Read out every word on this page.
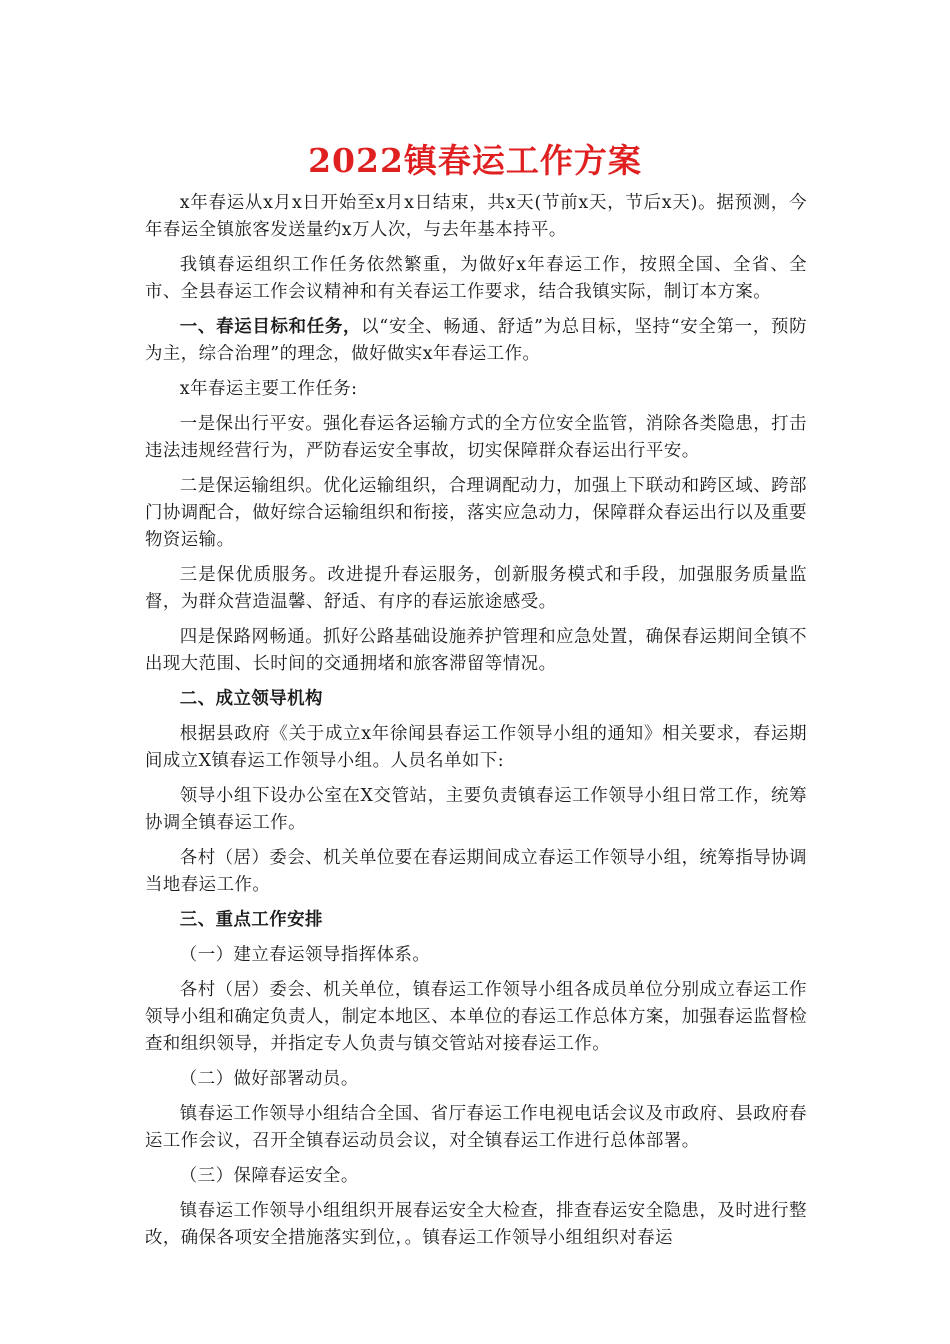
2022镇春运工作方案

x年春运从x月x日开始至x月x日结束，共x天(节前x天，节后x天)。据预测，今年春运全镇旅客发送量约x万人次，与去年基本持平。

我镇春运组织工作任务依然繁重，为做好x年春运工作，按照全国、全省、全市、全县春运工作会议精神和有关春运工作要求，结合我镇实际，制订本方案。

一、春运目标和任务，以“安全、畅通、舒适”为总目标，坚持“安全第一，预防为主，综合治理”的理念，做好做实x年春运工作。

x年春运主要工作任务:

一是保出行平安。强化春运各运输方式的全方位安全监管，消除各类隐患，打击违法违规经营行为，严防春运安全事故，切实保障群众春运出行平安。

二是保运输组织。优化运输组织，合理调配动力，加强上下联动和跨区域、跨部门协调配合，做好综合运输组织和衔接，落实应急动力，保障群众春运出行以及重要物资运输。

三是保优质服务。改进提升春运服务，创新服务模式和手段，加强服务质量监督，为群众营造温馨、舒适、有序的春运旅途感受。

四是保路网畅通。抓好公路基础设施养护管理和应急处置，确保春运期间全镇不出现大范围、长时间的交通拥堵和旅客滞留等情况。

二、成立领导机构

根据县政府《关于成立x年徐闻县春运工作领导小组的通知》相关要求，春运期间成立X镇春运工作领导小组。人员名单如下:

领导小组下设办公室在X交管站，主要负责镇春运工作领导小组日常工作，统筹协调全镇春运工作。

各村（居）委会、机关单位要在春运期间成立春运工作领导小组，统筹指导协调当地春运工作。

三、重点工作安排

（一）建立春运领导指挥体系。

各村（居）委会、机关单位，镇春运工作领导小组各成员单位分别成立春运工作领导小组和确定负责人，制定本地区、本单位的春运工作总体方案，加强春运监督检查和组织领导，并指定专人负责与镇交管站对接春运工作。

（二）做好部署动员。

镇春运工作领导小组结合全国、省厅春运工作电视电话会议及市政府、县政府春运工作会议，召开全镇春运动员会议，对全镇春运工作进行总体部署。

（三）保障春运安全。

镇春运工作领导小组组织开展春运安全大检查，排查春运安全隐患，及时进行整改，确保各项安全措施落实到位，。镇春运工作领导小组组织对春运
